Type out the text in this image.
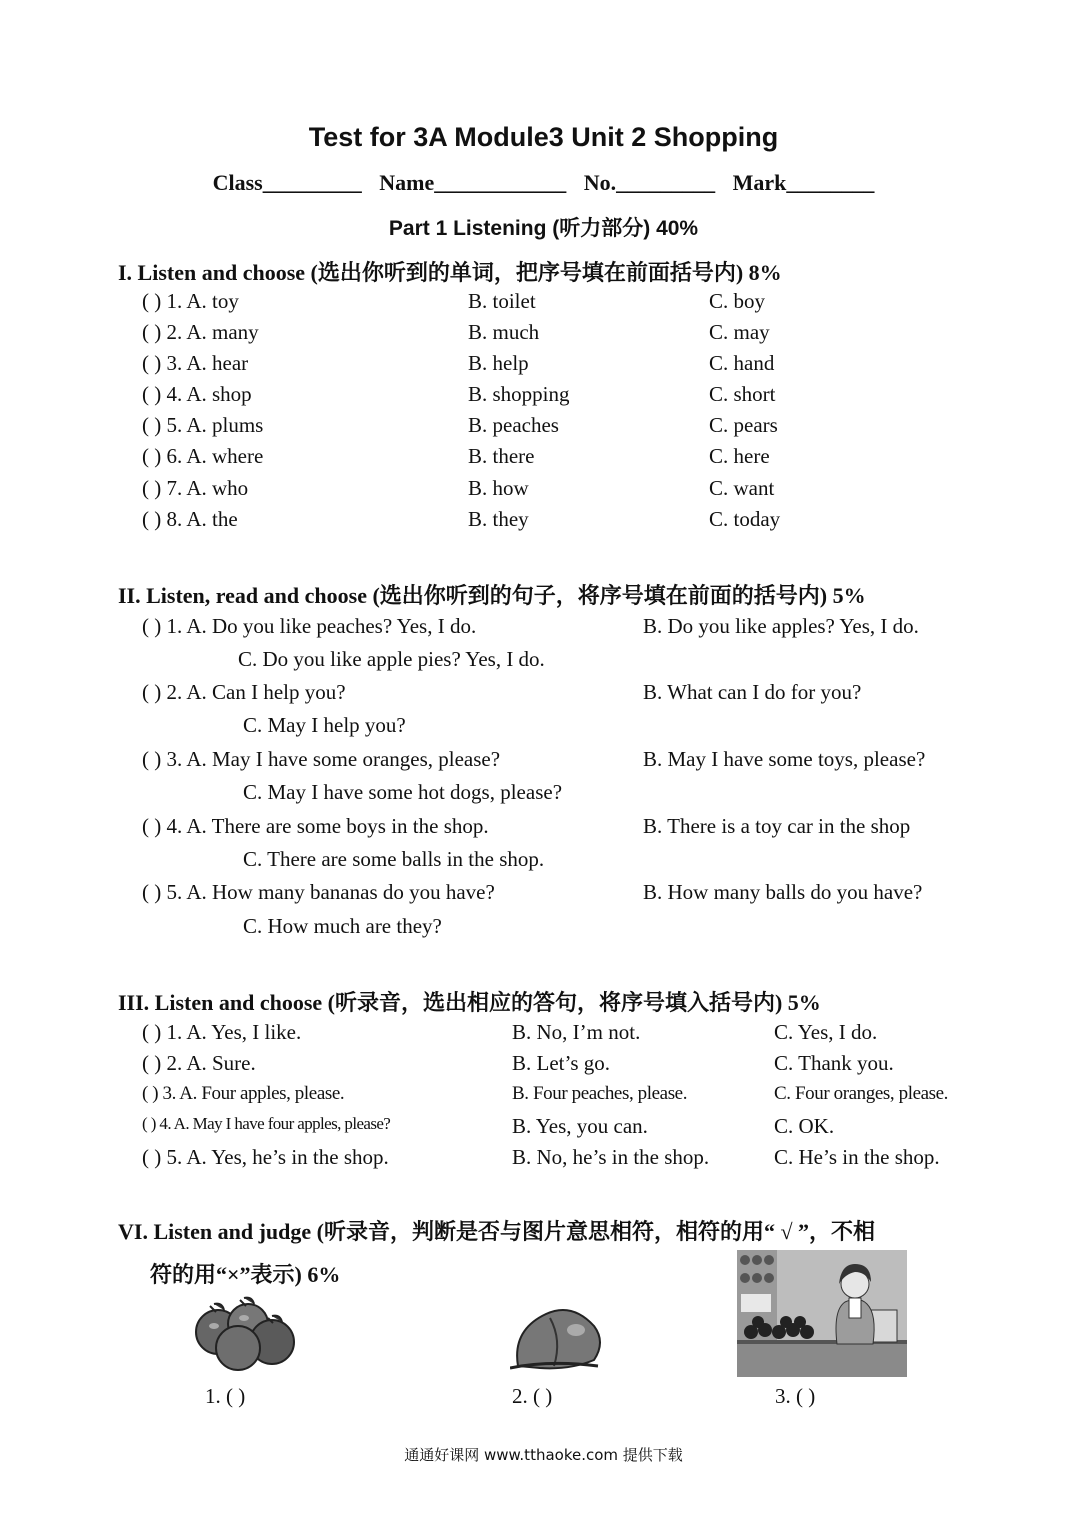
Test for 3A Module3 Unit 2 Shopping
Class_________ Name____________ No._________ Mark________
Part 1 Listening (听力部分) 40%
I. Listen and choose (选出你听到的单词，把序号填在前面括号内) 8%
( ) 1. A. toy	B. toilet	C. boy
( ) 2. A. many	B. much	C. may
( ) 3. A. hear	B. help	C. hand
( ) 4. A. shop	B. shopping	C. short
( ) 5. A. plums	B. peaches	C. pears
( ) 6. A. where	B. there	C. here
( ) 7. A. who	B. how	C. want
( ) 8. A. the	B. they	C. today
II. Listen, read and choose (选出你听到的句子，将序号填在前面的括号内) 5%
( ) 1. A. Do you like peaches? Yes, I do.	B. Do you like apples? Yes, I do.
C. Do you like apple pies? Yes, I do.
( ) 2. A. Can I help you?	B. What can I do for you?
C. May I help you?
( ) 3. A. May I have some oranges, please?	B. May I have some toys, please?
C. May I have some hot dogs, please?
( ) 4. A. There are some boys in the shop.	B. There is a toy car in the shop
C. There are some balls in the shop.
( ) 5. A. How many bananas do you have?	B. How many balls do you have?
C. How much are they?
III. Listen and choose (听录音，选出相应的答句，将序号填入括号内) 5%
( ) 1. A. Yes, I like.	B. No, I’m not.	C. Yes, I do.
( ) 2. A. Sure.	B. Let’s go.	C. Thank you.
( ) 3. A. Four apples, please.	B. Four peaches, please.	C. Four oranges, please.
( ) 4. A. May I have four apples, please?	B. Yes, you can.	C. OK.
( ) 5. A. Yes, he’s in the shop.	B. No, he’s in the shop.	C. He’s in the shop.
VI. Listen and judge (听录音，判断是否与图片意思相符，相符的用“ √ ”，不相
符的用“×”表示) 6%
1. ( )	2. ( )	3. ( )
通通好课网 www.tthaoke.com 提供下载
